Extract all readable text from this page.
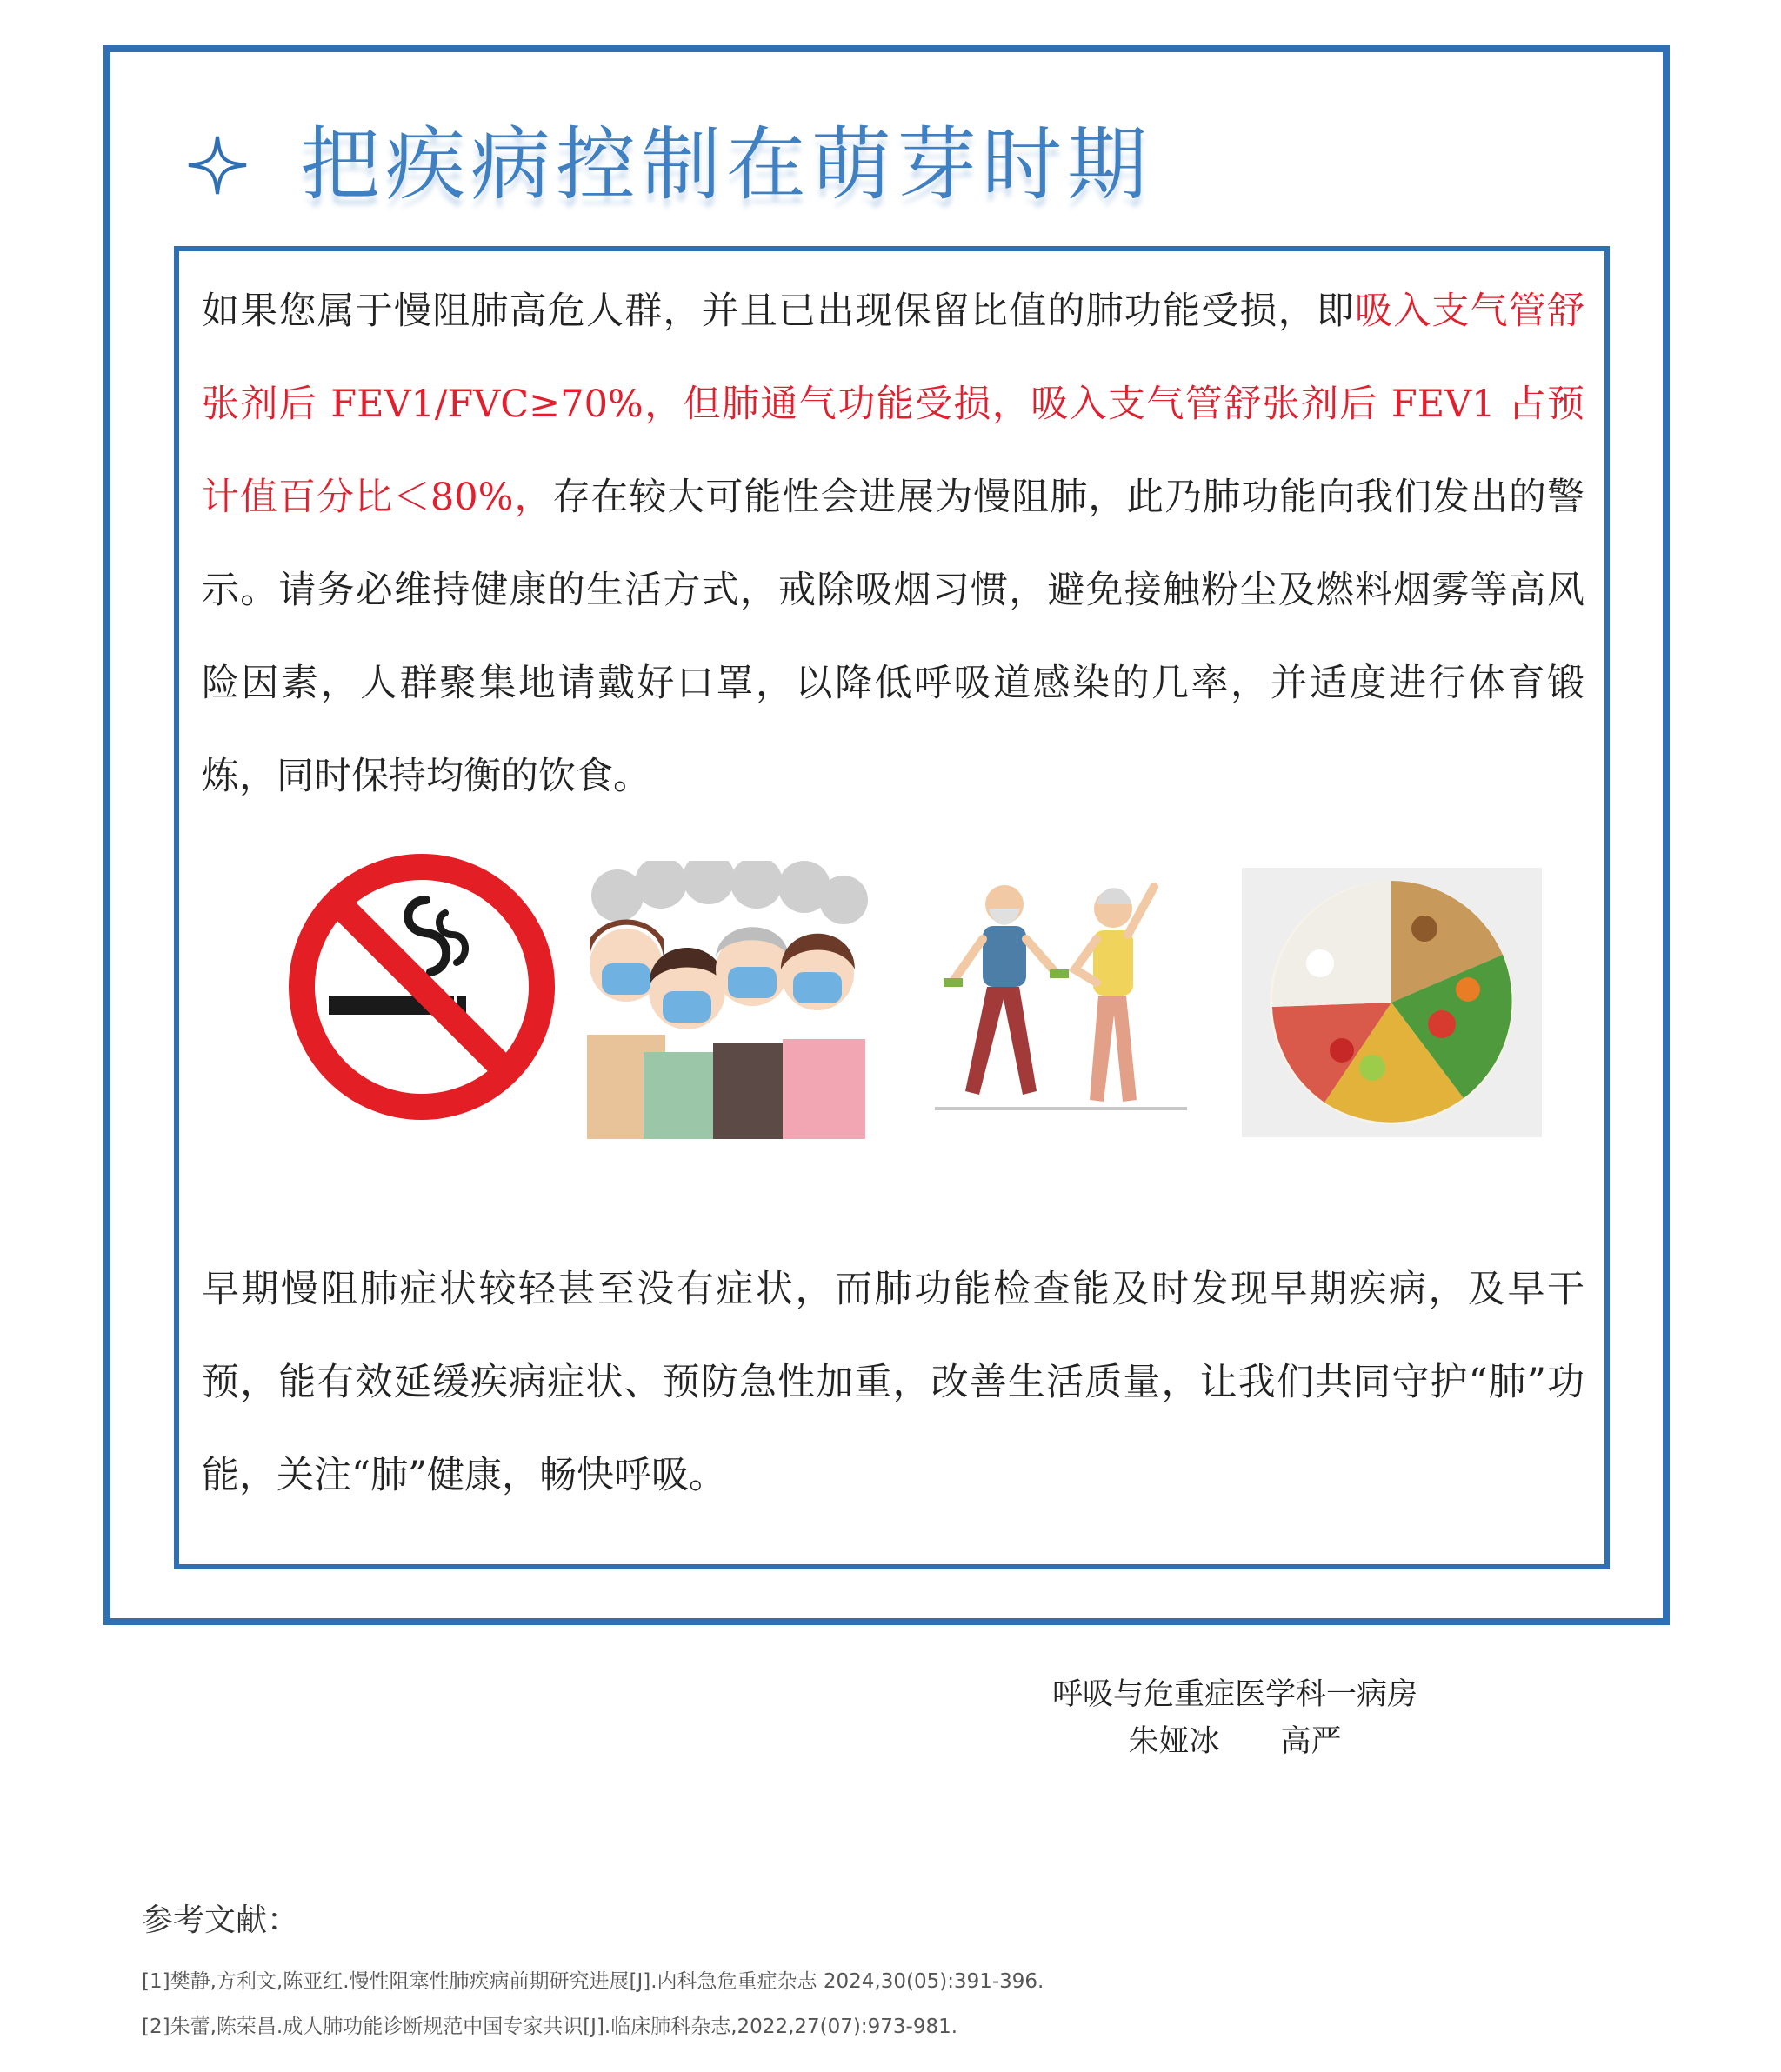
把疾病控制在萌芽时期
如果您属于慢阻肺高危人群，并且已出现保留比值的肺功能受损，即吸入支气管舒张剂后 FEV1/FVC≥70%，但肺通气功能受损，吸入支气管舒张剂后 FEV1 占预计值百分比＜80%，存在较大可能性会进展为慢阻肺，此乃肺功能向我们发出的警示。请务必维持健康的生活方式，戒除吸烟习惯，避免接触粉尘及燃料烟雾等高风险因素，人群聚集地请戴好口罩，以降低呼吸道感染的几率，并适度进行体育锻炼，同时保持均衡的饮食。
早期慢阻肺症状较轻甚至没有症状，而肺功能检查能及时发现早期疾病，及早干预，能有效延缓疾病症状、预防急性加重，改善生活质量，让我们共同守护“肺”功能，关注“肺”健康，畅快呼吸。
呼吸与危重症医学科一病房
朱娅冰 高严
参考文献：
[1]樊静,方利文,陈亚红.慢性阻塞性肺疾病前期研究进展[J].内科急危重症杂志 2024,30(05):391-396.
[2]朱蕾,陈荣昌.成人肺功能诊断规范中国专家共识[J].临床肺科杂志,2022,27(07):973-981.
